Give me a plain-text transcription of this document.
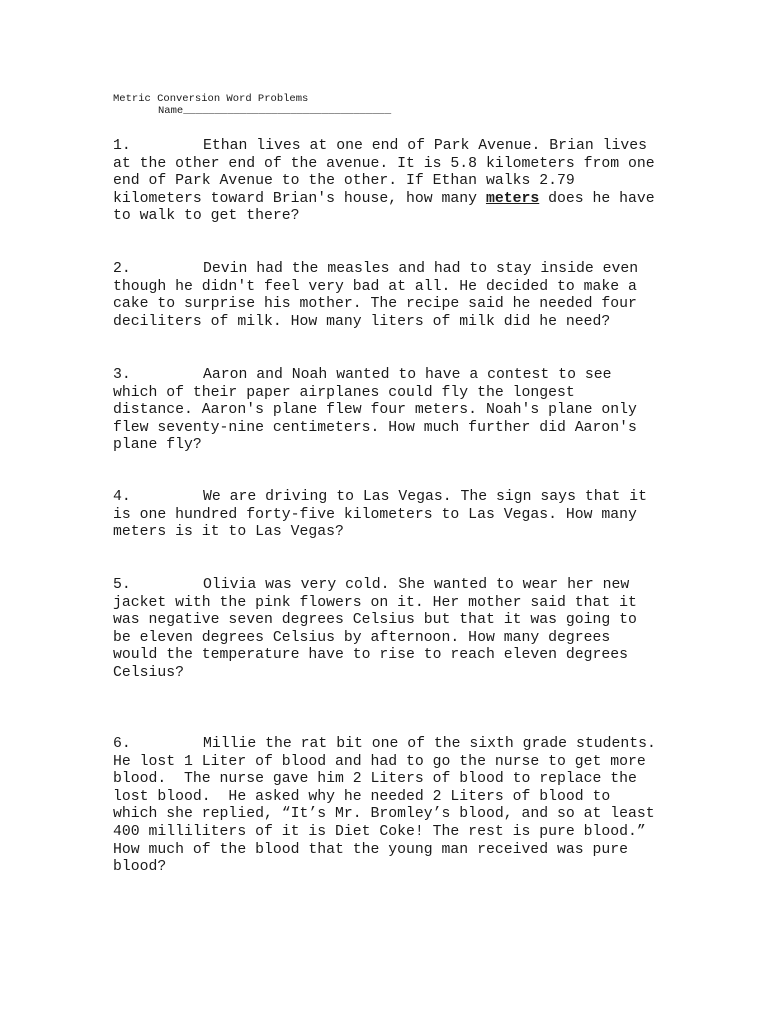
Metric Conversion Word Problems
Name_________________________________
1.	Ethan lives at one end of Park Avenue. Brian lives at the other end of the avenue. It is 5.8 kilometers from one end of Park Avenue to the other. If Ethan walks 2.79 kilometers toward Brian's house, how many meters does he have to walk to get there?
2.	Devin had the measles and had to stay inside even though he didn't feel very bad at all. He decided to make a cake to surprise his mother. The recipe said he needed four deciliters of milk. How many liters of milk did he need?
3.	Aaron and Noah wanted to have a contest to see which of their paper airplanes could fly the longest distance. Aaron's plane flew four meters. Noah's plane only flew seventy-nine centimeters. How much further did Aaron's plane fly?
4.	We are driving to Las Vegas. The sign says that it is one hundred forty-five kilometers to Las Vegas. How many meters is it to Las Vegas?
5.	Olivia was very cold. She wanted to wear her new jacket with the pink flowers on it. Her mother said that it was negative seven degrees Celsius but that it was going to be eleven degrees Celsius by afternoon. How many degrees would the temperature have to rise to reach eleven degrees Celsius?
6.	Millie the rat bit one of the sixth grade students.  He lost 1 Liter of blood and had to go the nurse to get more blood.  The nurse gave him 2 Liters of blood to replace the lost blood.  He asked why he needed 2 Liters of blood to which she replied, “It’s Mr. Bromley’s blood, and so at least 400 milliliters of it is Diet Coke! The rest is pure blood.” How much of the blood that the young man received was pure blood?
